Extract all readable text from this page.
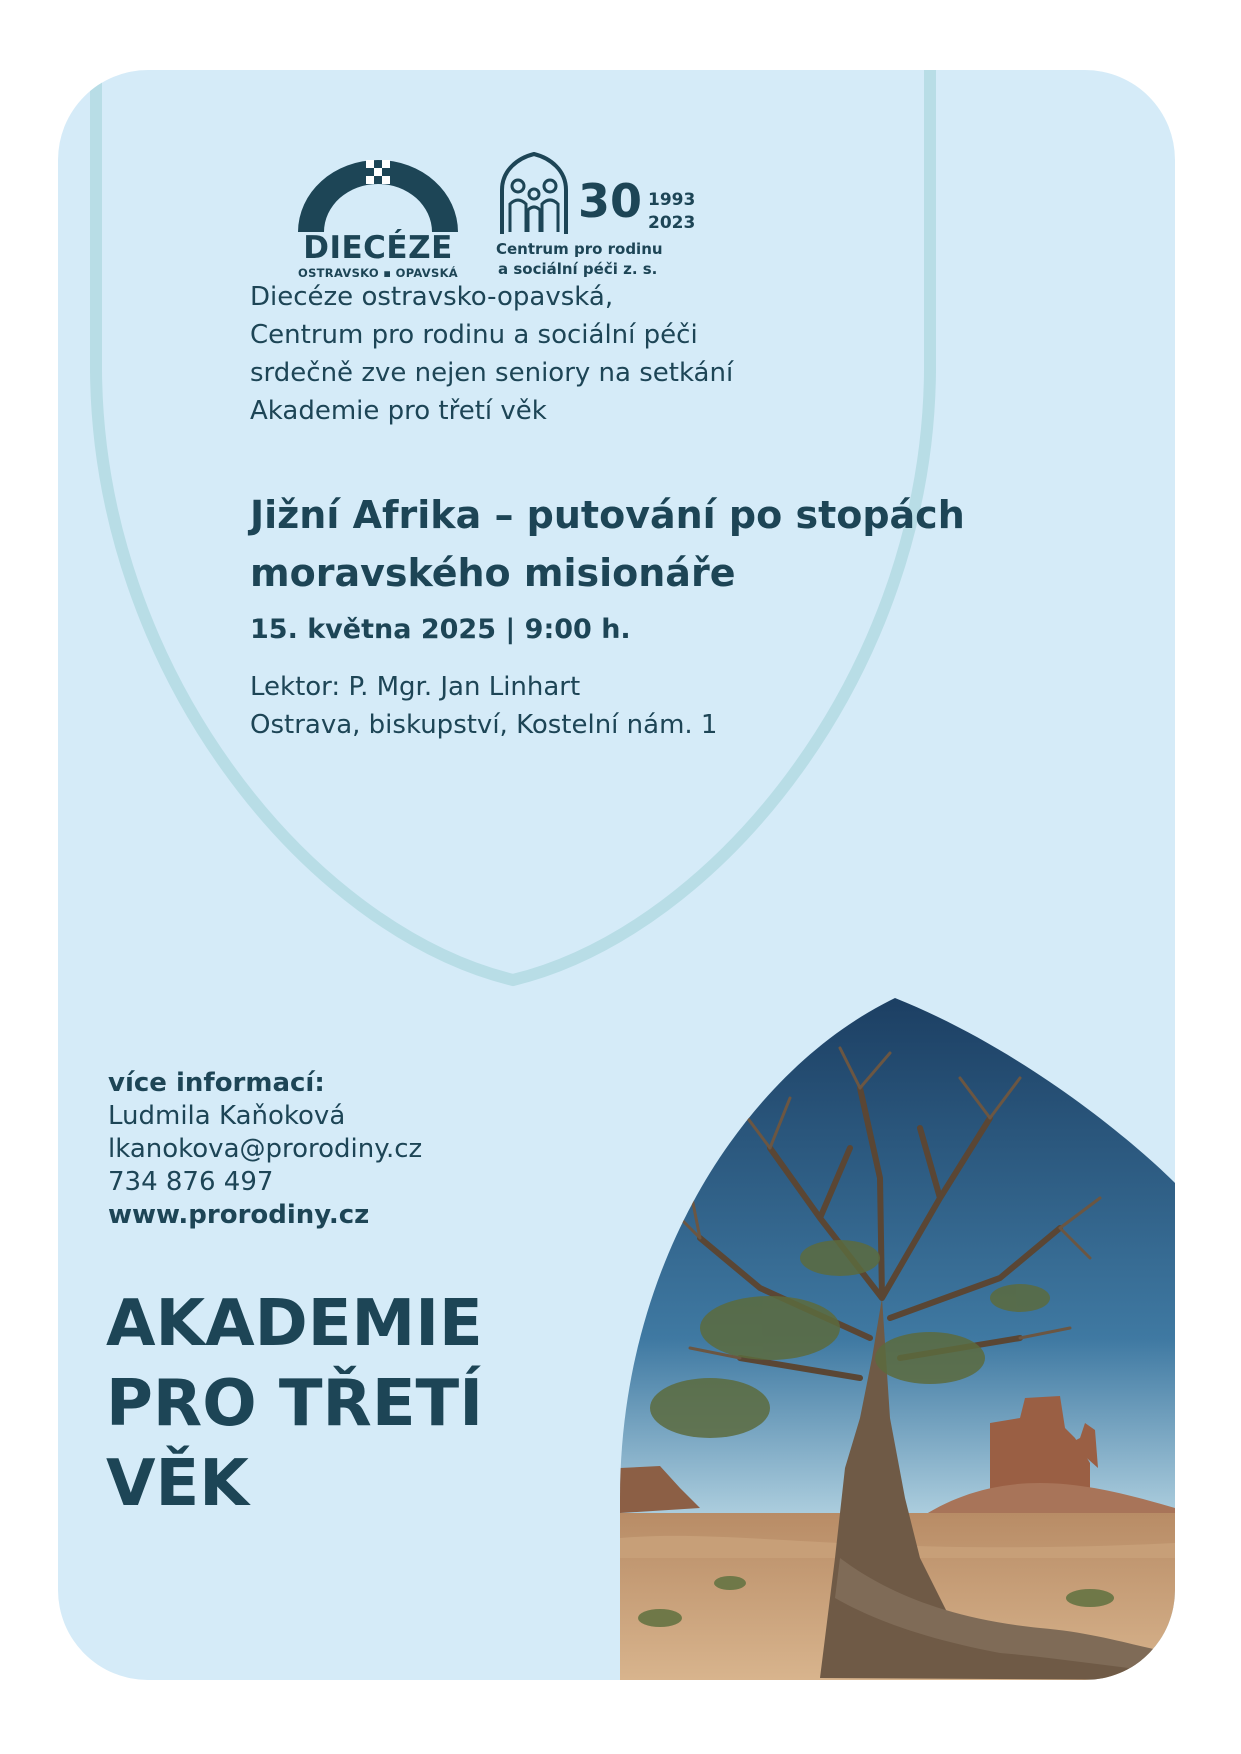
DIECÉZE
OSTRAVSKO ▪ OPAVSKÁ
30 1993
2023
Centrum pro rodinu
a sociální péči z. s.
Diecéze ostravsko-opavská,
Centrum pro rodinu a sociální péči
srdečně zve nejen seniory na setkání
Akademie pro třetí věk
Jižní Afrika – putování po stopách
moravského misionáře
15. května 2025 | 9:00 h.
Lektor: P. Mgr. Jan Linhart
Ostrava, biskupství, Kostelní nám. 1
více informací:
Ludmila Kaňoková
lkanokova@prorodiny.cz
734 876 497
www.prorodiny.cz
AKADEMIE
PRO TŘETÍ
VĚK
